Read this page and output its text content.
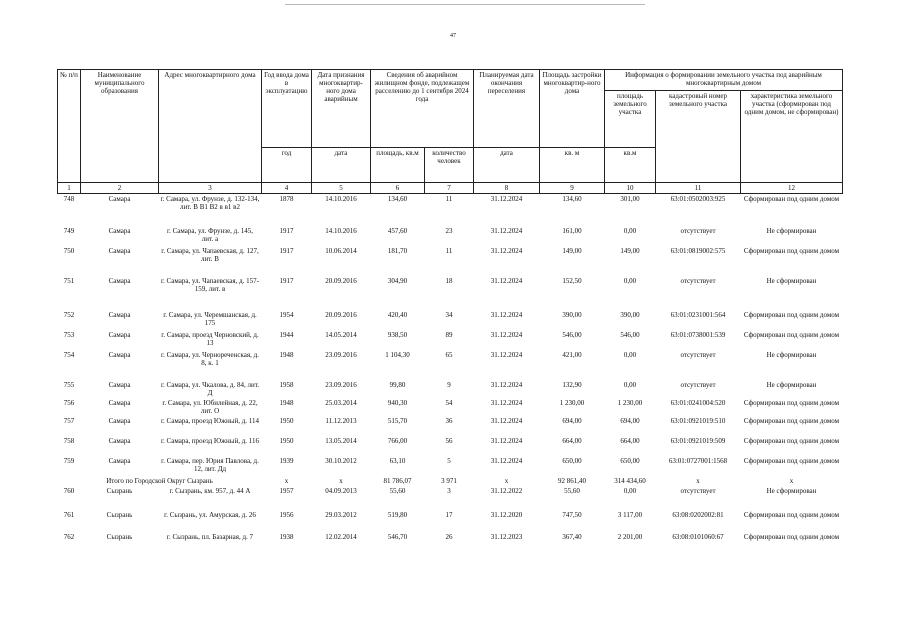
47
№ п/п	Наименование муниципального образования	Адрес многоквартирного дома	Год ввода дома в эксплуатацию	Дата признания многоквартир-ного дома аварийным	Сведения об аварийном жилищном фонде, подлежащем расселению до 1 сентября 2024 года		Планируемая дата окончания переселения	Площадь застройки многоквартир-ного дома	Информация о формировании земельного участка под аварийным многоквартирным домом		
									площадь земельного участка	кадастровый номер земельного участка	характеристика земельного участка (сформирован под одним домом, не сформирован)
			год	дата	площадь, кв.м	количество человек	дата	кв. м	кв.м		
1	2	3	4	5	6	7	8	9	10	11	12
748	Самара	г. Самара, ул. Фрунзе, д. 132-134, лит. В В1 В2 в в1 в2	1878	14.10.2016	134,60	11	31.12.2024	134,60	301,00	63:01:0502003:925	Сформирован под одним домом
749	Самара	г. Самара, ул. Фрунзе, д. 145, лит. а	1917	14.10.2016	457,60	23	31.12.2024	161,00	0,00	отсутствует	Не сформирован
750	Самара	г. Самара, ул. Чапаевская, д. 127, лит. В	1917	10.06.2014	181,70	11	31.12.2024	149,00	149,00	63:01:0819002:575	Сформирован под одним домом
751	Самара	г. Самара, ул. Чапаевская, д. 157-159, лит. в	1917	20.09.2016	304,90	18	31.12.2024	152,50	0,00	отсутствует	Не сформирован
752	Самара	г. Самара, ул. Черемшанская, д. 175	1954	20.09.2016	420,40	34	31.12.2024	390,00	390,00	63:01:0231001:564	Сформирован под одним домом
753	Самара	г. Самара, проезд Черновский, д. 13	1944	14.05.2014	938,50	89	31.12.2024	546,00	546,00	63:01:0738001:539	Сформирован под одним домом
754	Самара	г. Самара, ул. Чернореченская, д. 8, к. 1	1948	23.09.2016	1 104,30	65	31.12.2024	421,00	0,00	отсутствует	Не сформирован
755	Самара	г. Самара, ул. Чкалова, д. 84, лит. Д	1958	23.09.2016	99,80	9	31.12.2024	132,90	0,00	отсутствует	Не сформирован
756	Самара	г. Самара, ул. Юбилейная, д. 22, лит. О	1948	25.03.2014	940,30	54	31.12.2024	1 230,00	1 230,00	63:01:0241004:520	Сформирован под одним домом
757	Самара	г. Самара, проезд Южный, д. 114	1950	11.12.2013	515,70	36	31.12.2024	694,00	694,00	63:01:0921019:510	Сформирован под одним домом
758	Самара	г. Самара, проезд Южный, д. 116	1950	13.05.2014	766,00	56	31.12.2024	664,00	664,00	63:01:0921019:509	Сформирован под одним домом
759	Самара	г. Самара, пер. Юрия Павлова, д. 12, лит. Дд	1939	30.10.2012	63,10	5	31.12.2024	650,00	650,00	63:01:0727001:1568	Сформирован под одним домом
Итого по Городской Округ Сызрань			x	x	81 786,07	3 971	x	92 861,40	314 434,60	x	x
760	Сызрань	г. Сызрань, км. 957, д. 44 А	1957	04.09.2013	55,60	3	31.12.2022	55,60	0,00	отсутствует	Не сформирован
761	Сызрань	г. Сызрань, ул. Амурская, д. 26	1956	29.03.2012	519,80	17	31.12.2020	747,50	3 117,00	63:08:0202002:81	Сформирован под одним домом
762	Сызрань	г. Сызрань, пл. Базарная, д. 7	1938	12.02.2014	546,70	26	31.12.2023	367,40	2 201,00	63:08:0101060:67	Сформирован под одним домом
